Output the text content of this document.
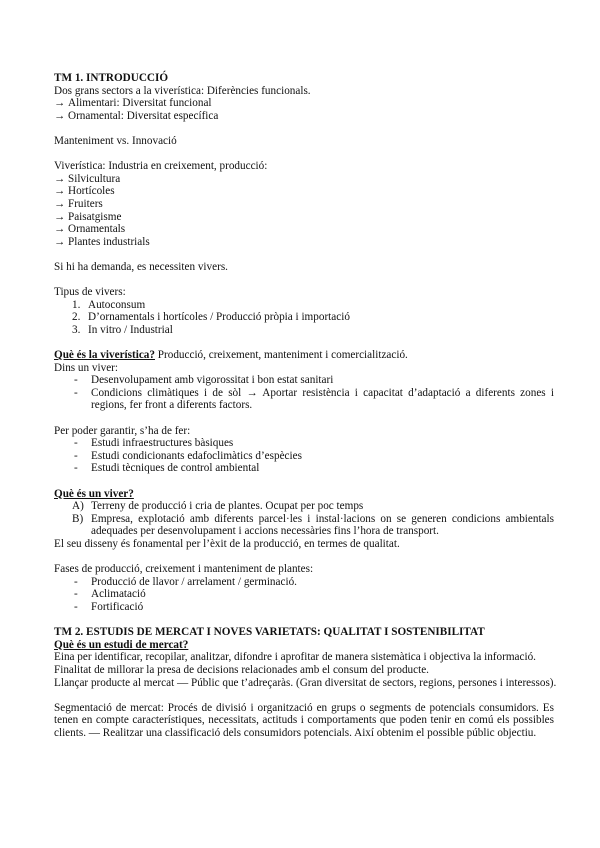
TM 1. INTRODUCCIÓ
Dos grans sectors a la viverística: Diferències funcionals.
→ Alimentari: Diversitat funcional
→ Ornamental: Diversitat específica
Manteniment vs. Innovació
Viverística: Industria en creixement, producció:
→ Silvicultura
→ Hortícoles
→ Fruiters
→ Paisatgisme
→ Ornamentals
→ Plantes industrials
Si hi ha demanda, es necessiten vivers.
Tipus de vivers:
1. Autoconsum
2. D’ornamentals i hortícoles / Producció pròpia i importació
3. In vitro / Industrial
Què és la viverística? Producció, creixement, manteniment i comercialització.
Dins un viver:
- Desenvolupament amb vigorossitat i bon estat sanitari
- Condicions climàtiques i de sòl → Aportar resistència i capacitat d’adaptació a diferents zones i regions, fer front a diferents factors.
Per poder garantir, s’ha de fer:
- Estudi infraestructures bàsiques
- Estudi condicionants edafoclimàtics d’espècies
- Estudi tècniques de control ambiental
Què és un viver?
A) Terreny de producció i cria de plantes. Ocupat per poc temps
B) Empresa, explotació amb diferents parcel·les i instal·lacions on se generen condicions ambientals adequades per desenvolupament i accions necessàries fins l’hora de transport.
El seu disseny és fonamental per l’èxit de la producció, en termes de qualitat.
Fases de producció, creixement i manteniment de plantes:
- Producció de llavor / arrelament / germinació.
- Aclimatació
- Fortificació
TM 2. ESTUDIS DE MERCAT I NOVES VARIETATS: QUALITAT I SOSTENIBILITAT
Què és un estudi de mercat?
Eina per identificar, recopilar, analitzar, difondre i aprofitar de manera sistemàtica i objectiva la informació.
Finalitat de millorar la presa de decisions relacionades amb el consum del producte.
Llançar producte al mercat — Públic que t’adreçaràs. (Gran diversitat de sectors, regions, persones i interessos).
Segmentació de mercat: Procés de divisió i organització en grups o segments de potencials consumidors. Es tenen en compte característiques, necessitats, actituds i comportaments que poden tenir en comú els possibles clients. — Realitzar una classificació dels consumidors potencials. Així obtenim el possible públic objectiu.
